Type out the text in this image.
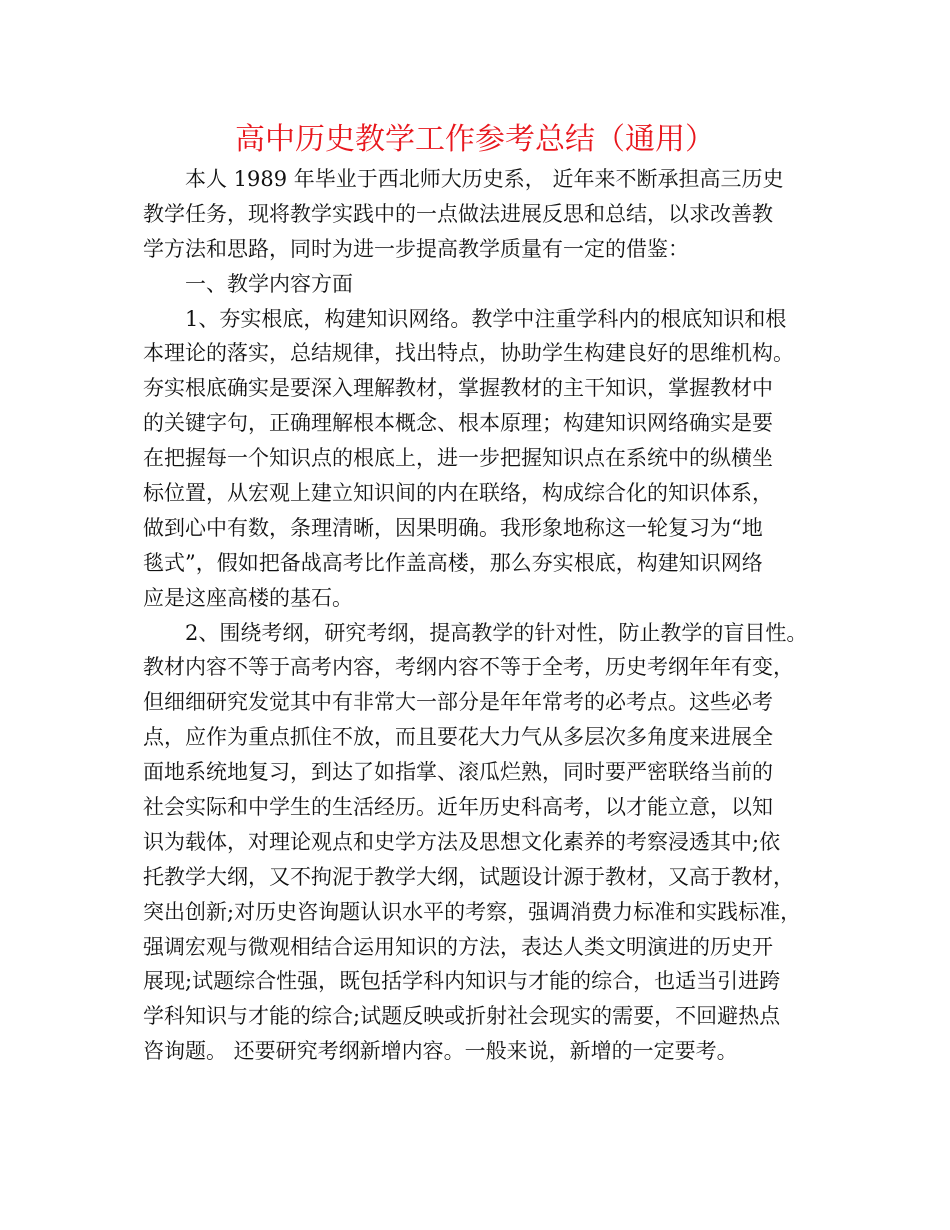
高中历史教学工作参考总结（通用）
本人 1989 年毕业于西北师大历史系， 近年来不断承担高三历史
教学任务，现将教学实践中的一点做法进展反思和总结，以求改善教
学方法和思路，同时为进一步提高教学质量有一定的借鉴：
一、教学内容方面
1、夯实根底，构建知识网络。教学中注重学科内的根底知识和根
本理论的落实，总结规律，找出特点，协助学生构建良好的思维机构。
夯实根底确实是要深入理解教材，掌握教材的主干知识，掌握教材中
的关键字句，正确理解根本概念、根本原理；构建知识网络确实是要
在把握每一个知识点的根底上，进一步把握知识点在系统中的纵横坐
标位置，从宏观上建立知识间的内在联络，构成综合化的知识体系，
做到心中有数，条理清晰，因果明确。我形象地称这一轮复习为“地
毯式”，假如把备战高考比作盖高楼，那么夯实根底，构建知识网络
应是这座高楼的基石。
2、围绕考纲，研究考纲，提高教学的针对性，防止教学的盲目性。
教材内容不等于高考内容，考纲内容不等于全考，历史考纲年年有变，
但细细研究发觉其中有非常大一部分是年年常考的必考点。这些必考
点，应作为重点抓住不放，而且要花大力气从多层次多角度来进展全
面地系统地复习，到达了如指掌、滚瓜烂熟，同时要严密联络当前的
社会实际和中学生的生活经历。近年历史科高考，以才能立意，以知
识为载体，对理论观点和史学方法及思想文化素养的考察浸透其中;依
托教学大纲，又不拘泥于教学大纲，试题设计源于教材，又高于教材，
突出创新;对历史咨询题认识水平的考察，强调消费力标准和实践标准，
强调宏观与微观相结合运用知识的方法，表达人类文明演进的历史开
展现;试题综合性强，既包括学科内知识与才能的综合，也适当引进跨
学科知识与才能的综合;试题反映或折射社会现实的需要，不回避热点
咨询题。 还要研究考纲新增内容。一般来说，新增的一定要考。
